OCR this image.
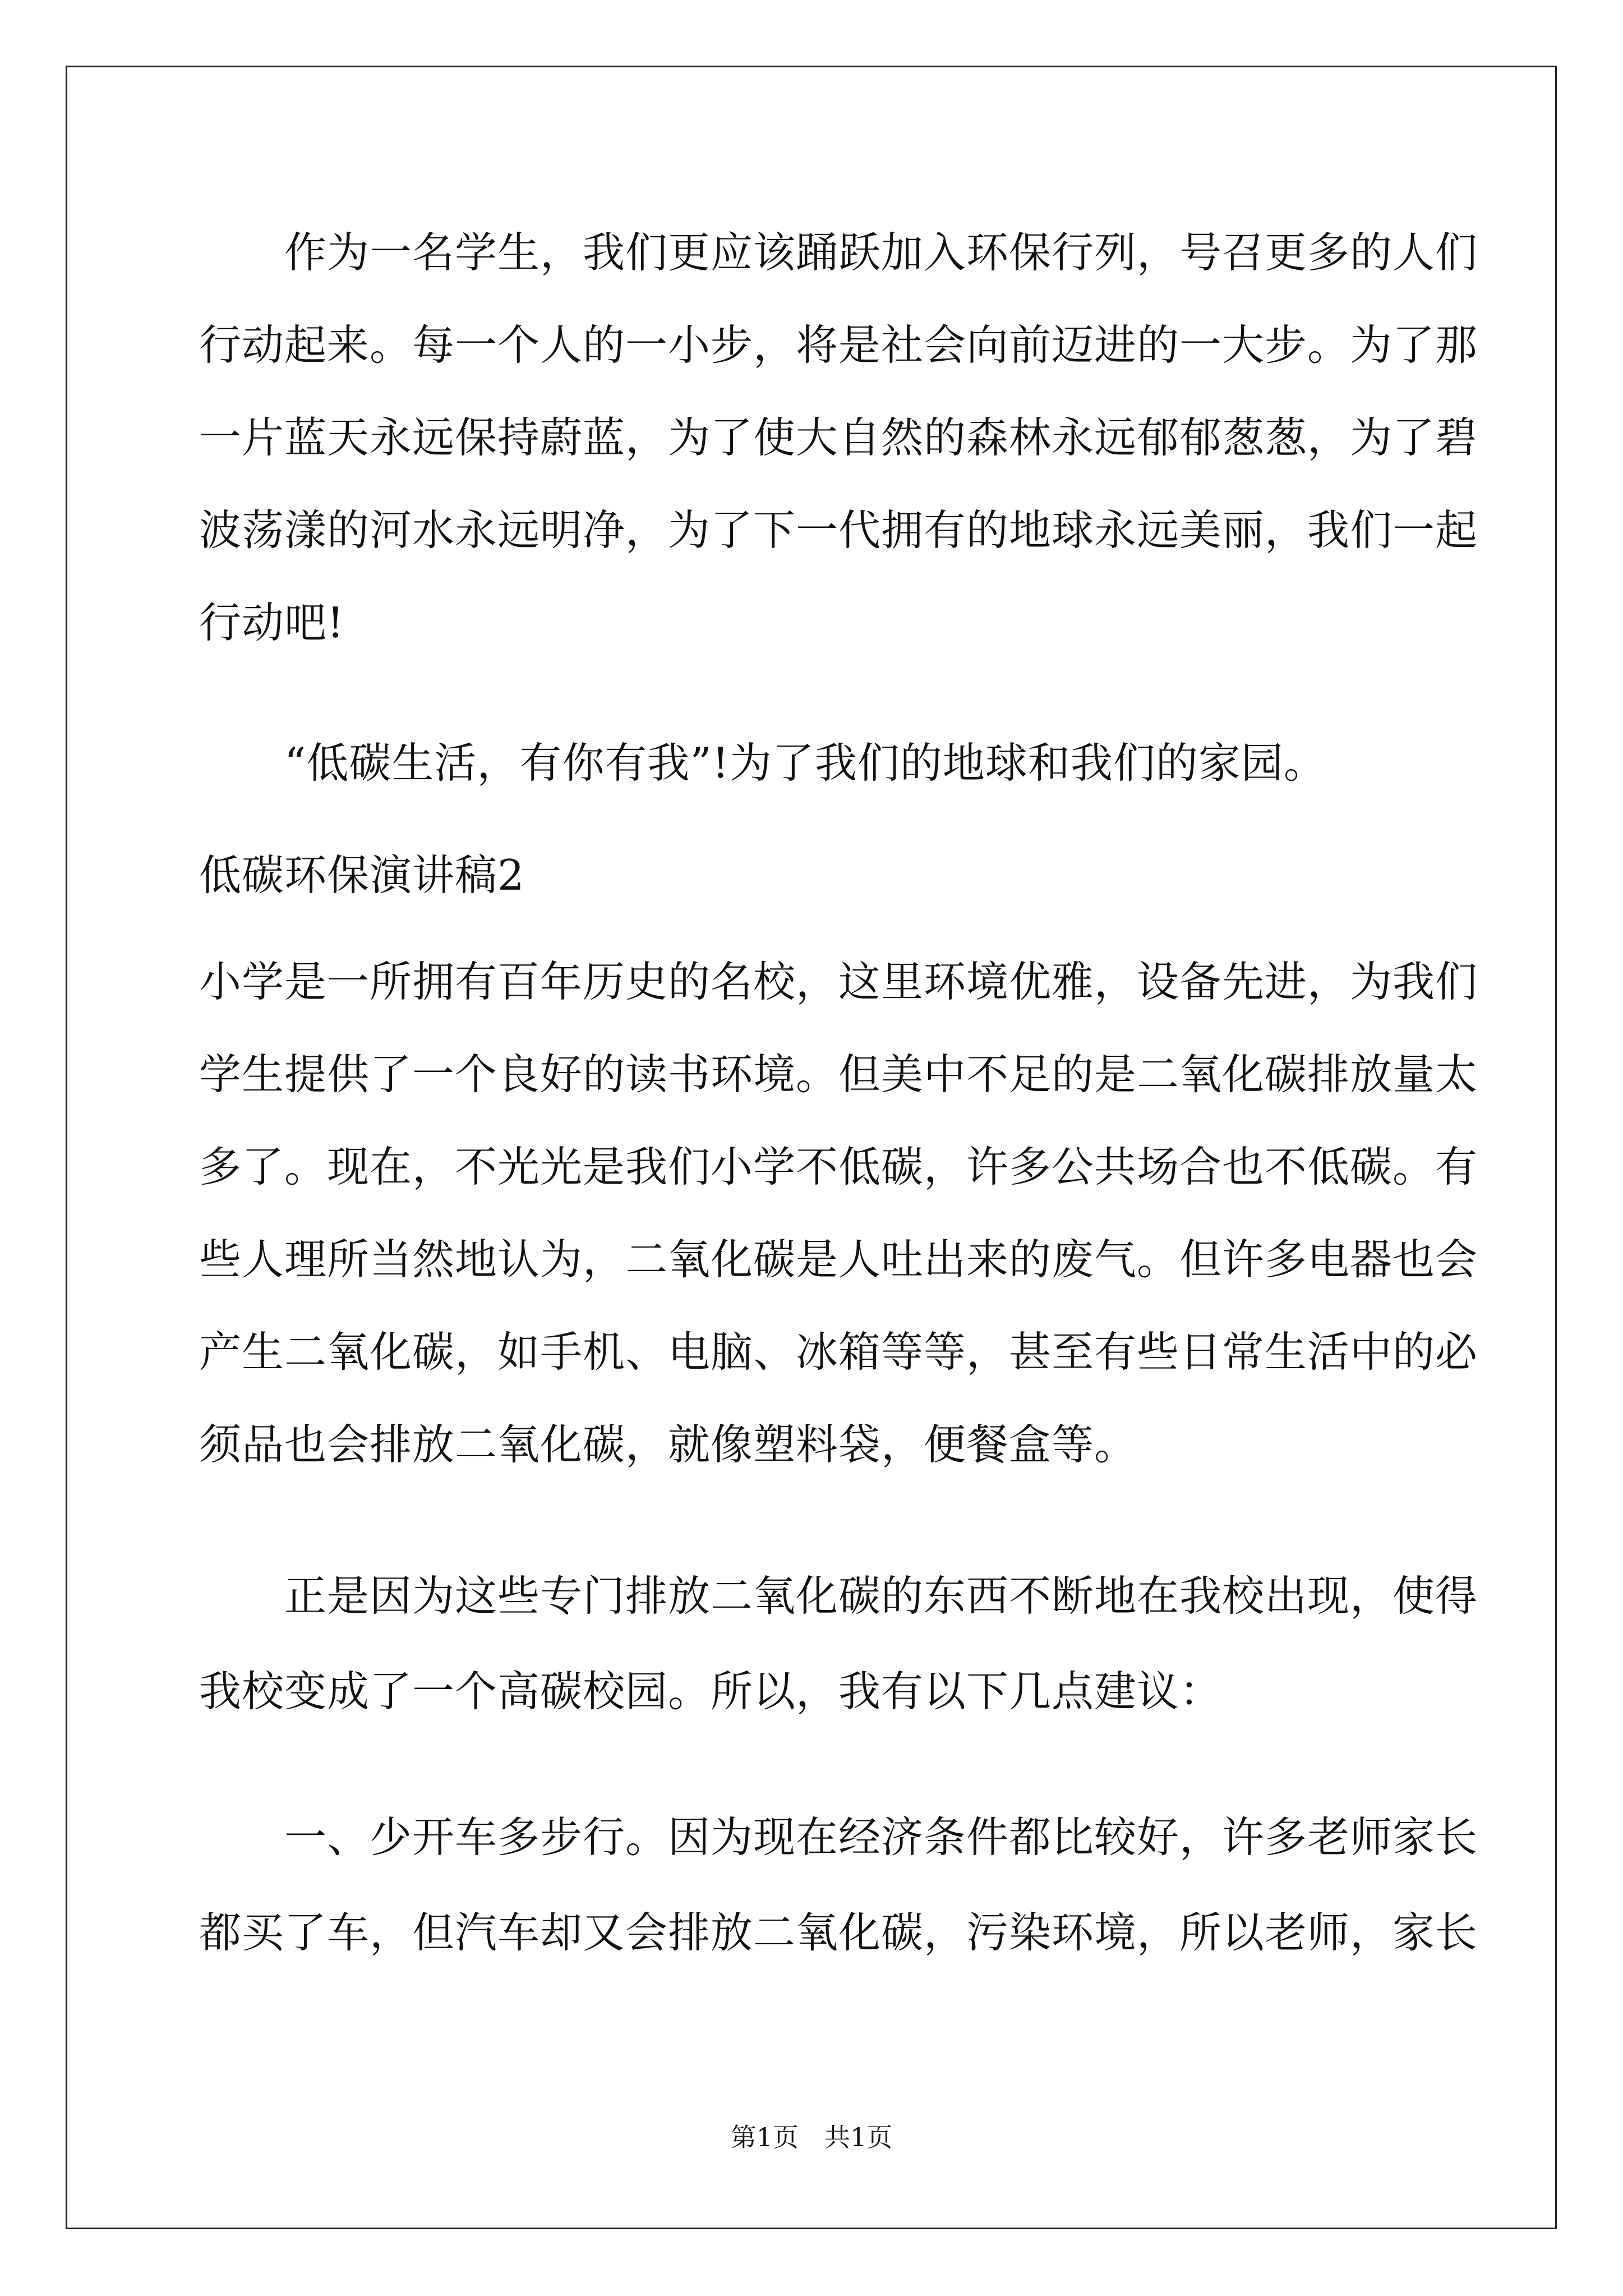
　　作为一名学生，我们更应该踊跃加入环保行列，号召更多的人们
行动起来。每一个人的一小步，将是社会向前迈进的一大步。为了那
一片蓝天永远保持蔚蓝，为了使大自然的森林永远郁郁葱葱，为了碧
波荡漾的河水永远明净，为了下一代拥有的地球永远美丽，我们一起
行动吧!
　　“低碳生活，有你有我”!为了我们的地球和我们的家园。
低碳环保演讲稿2
小学是一所拥有百年历史的名校，这里环境优雅，设备先进，为我们
学生提供了一个良好的读书环境。但美中不足的是二氧化碳排放量太
多了。现在，不光光是我们小学不低碳，许多公共场合也不低碳。有
些人理所当然地认为，二氧化碳是人吐出来的废气。但许多电器也会
产生二氧化碳，如手机、电脑、冰箱等等，甚至有些日常生活中的必
须品也会排放二氧化碳，就像塑料袋，便餐盒等。
　　正是因为这些专门排放二氧化碳的东西不断地在我校出现，使得
我校变成了一个高碳校园。所以，我有以下几点建议：
　　一、少开车多步行。因为现在经济条件都比较好，许多老师家长
都买了车，但汽车却又会排放二氧化碳，污染环境，所以老师，家长
第1页　共1页
